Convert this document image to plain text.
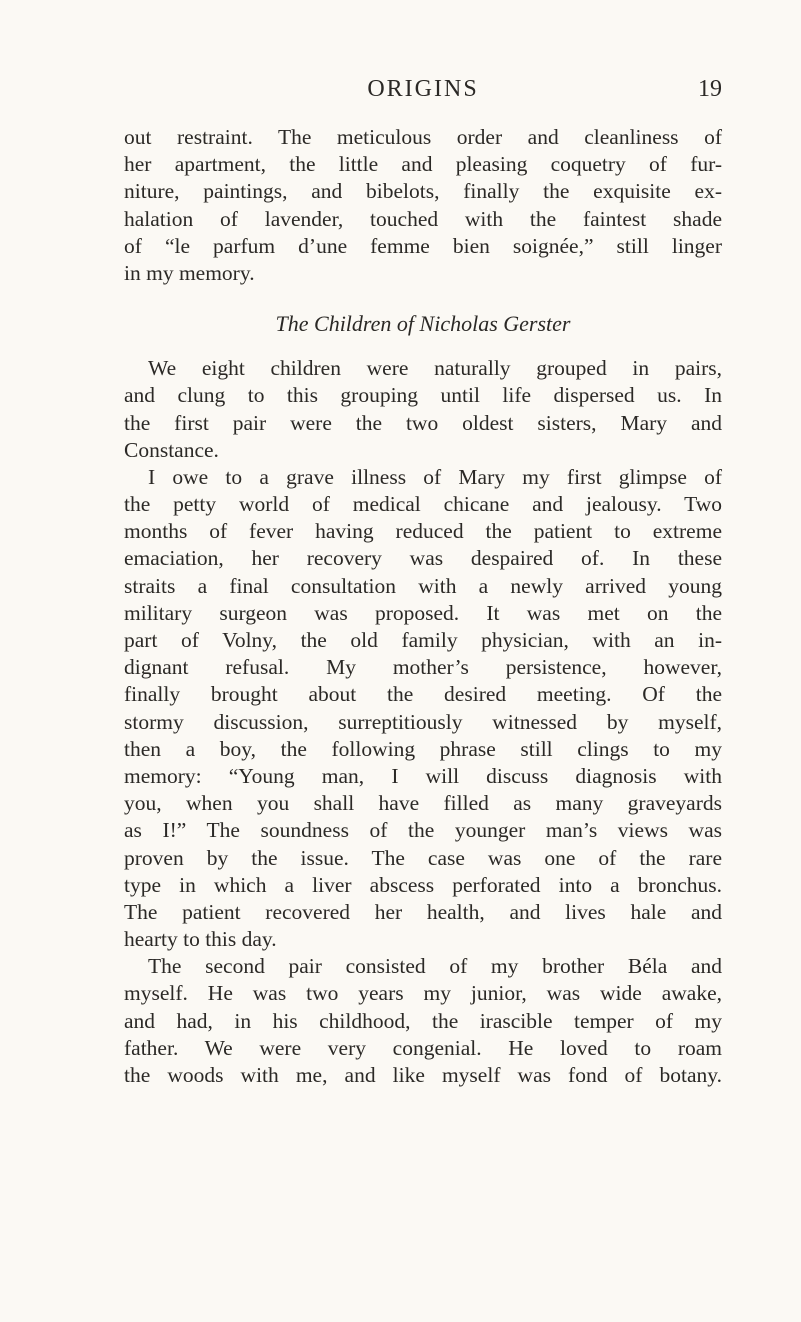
ORIGINS	19
out restraint. The meticulous order and cleanliness of
her apartment, the little and pleasing coquetry of fur-
niture, paintings, and bibelots, finally the exquisite ex-
halation of lavender, touched with the faintest shade
of “le parfum d’une femme bien soignée,” still linger
in my memory.
The Children of Nicholas Gerster
We eight children were naturally grouped in pairs,
and clung to this grouping until life dispersed us. In
the first pair were the two oldest sisters, Mary and
Constance.
I owe to a grave illness of Mary my first glimpse of
the petty world of medical chicane and jealousy. Two
months of fever having reduced the patient to extreme
emaciation, her recovery was despaired of. In these
straits a final consultation with a newly arrived young
military surgeon was proposed. It was met on the
part of Volny, the old family physician, with an in-
dignant refusal. My mother’s persistence, however,
finally brought about the desired meeting. Of the
stormy discussion, surreptitiously witnessed by myself,
then a boy, the following phrase still clings to my
memory: “Young man, I will discuss diagnosis with
you, when you shall have filled as many graveyards
as I!” The soundness of the younger man’s views was
proven by the issue. The case was one of the rare
type in which a liver abscess perforated into a bronchus.
The patient recovered her health, and lives hale and
hearty to this day.
The second pair consisted of my brother Béla and
myself. He was two years my junior, was wide awake,
and had, in his childhood, the irascible temper of my
father. We were very congenial. He loved to roam
the woods with me, and like myself was fond of botany.
